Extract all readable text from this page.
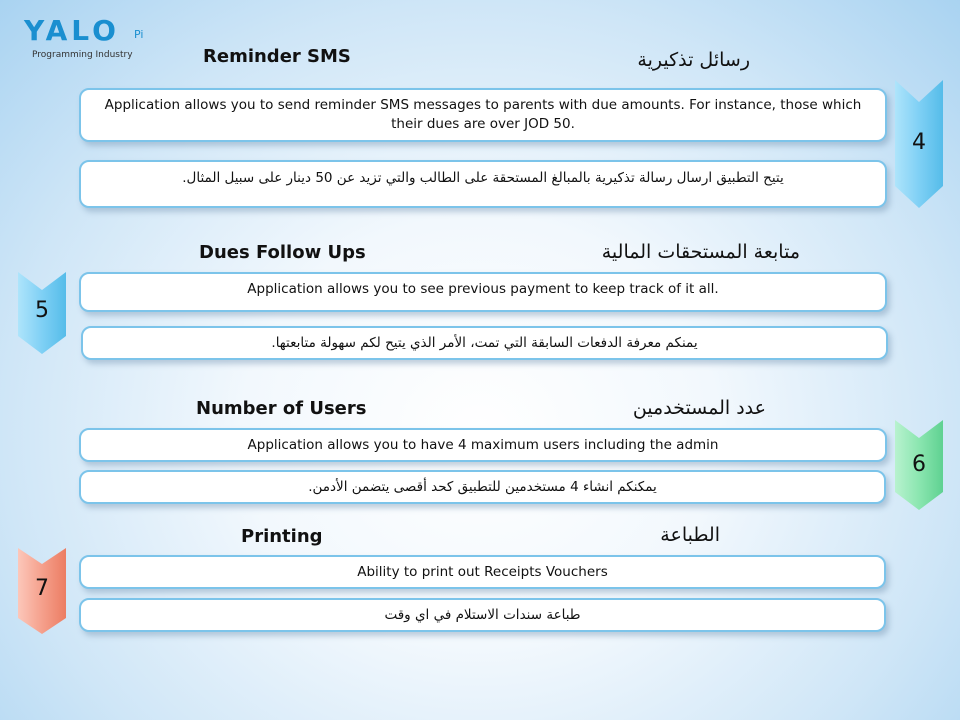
YALO Pi
Programming Industry	Reminder SMS	رسائل تذكيرية
Application allows you to send reminder SMS messages to parents with due amounts. For instance, those which their dues are over JOD 50.
يتيح التطبيق ارسال رسالة تذكيرية بالمبالغ المستحقة على الطالب والتي تزيد عن 50 دينار على سبيل المثال.
4
Dues Follow Ups	متابعة المستحقات المالية
Application allows you to see previous payment to keep track of it all.
يمنكم معرفة الدفعات السابقة التي تمت، الأمر الذي يتيح لكم سهولة متابعتها.
5
Number of Users	عدد المستخدمين
Application allows you to have 4 maximum users including the admin
يمكنكم انشاء 4 مستخدمين للتطبيق كحد أقصى يتضمن الأدمن.
6
Printing	الطباعة
Ability to print out Receipts Vouchers
طباعة سندات الاستلام في اي وقت
7
